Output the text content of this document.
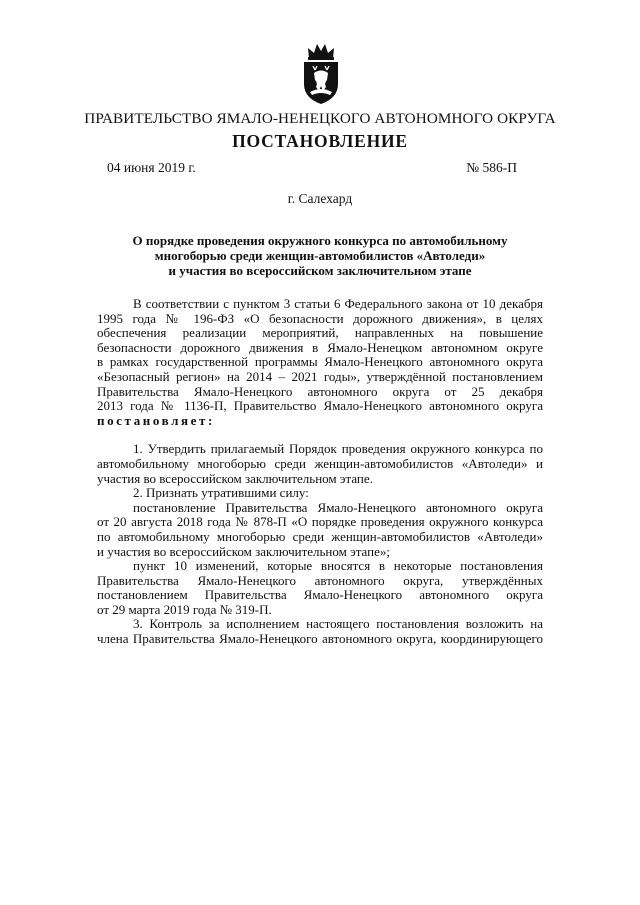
ПРАВИТЕЛЬСТВО ЯМАЛО-НЕНЕЦКОГО АВТОНОМНОГО ОКРУГА
ПОСТАНОВЛЕНИЕ
04 июня 2019 г.	№ 586-П
г. Салехард
О порядке проведения окружного конкурса по автомобильному
многоборью среди женщин-автомобилистов «Автоледи»
и участия во всероссийском заключительном этапе

В соответствии с пунктом 3 статьи 6 Федерального закона от 10 декабря

1995 года № 196-ФЗ «О безопасности дорожного движения», в целях

обеспечения реализации мероприятий, направленных на повышение

безопасности дорожного движения в Ямало-Ненецком автономном округе

в рамках государственной программы Ямало-Ненецкого автономного округа

«Безопасный регион» на 2014 – 2021 годы», утверждённой постановлением

Правительства Ямало-Ненецкого автономного округа от 25 декабря

2013 года № 1136-П, Правительство Ямало-Ненецкого автономного округа

постановляет:

1. Утвердить прилагаемый Порядок проведения окружного конкурса по

автомобильному многоборью среди женщин-автомобилистов «Автоледи» и

участия во всероссийском заключительном этапе.

2. Признать утратившими силу:

постановление Правительства Ямало-Ненецкого автономного округа

от 20 августа 2018 года № 878-П «О порядке проведения окружного конкурса

по автомобильному многоборью среди женщин-автомобилистов «Автоледи»

и участия во всероссийском заключительном этапе»;

пункт 10 изменений, которые вносятся в некоторые постановления

Правительства Ямало-Ненецкого автономного округа, утверждённых

постановлением Правительства Ямало-Ненецкого автономного округа

от 29 марта 2019 года № 319-П.

3. Контроль за исполнением настоящего постановления возложить на

члена Правительства Ямало-Ненецкого автономного округа, координирующего
